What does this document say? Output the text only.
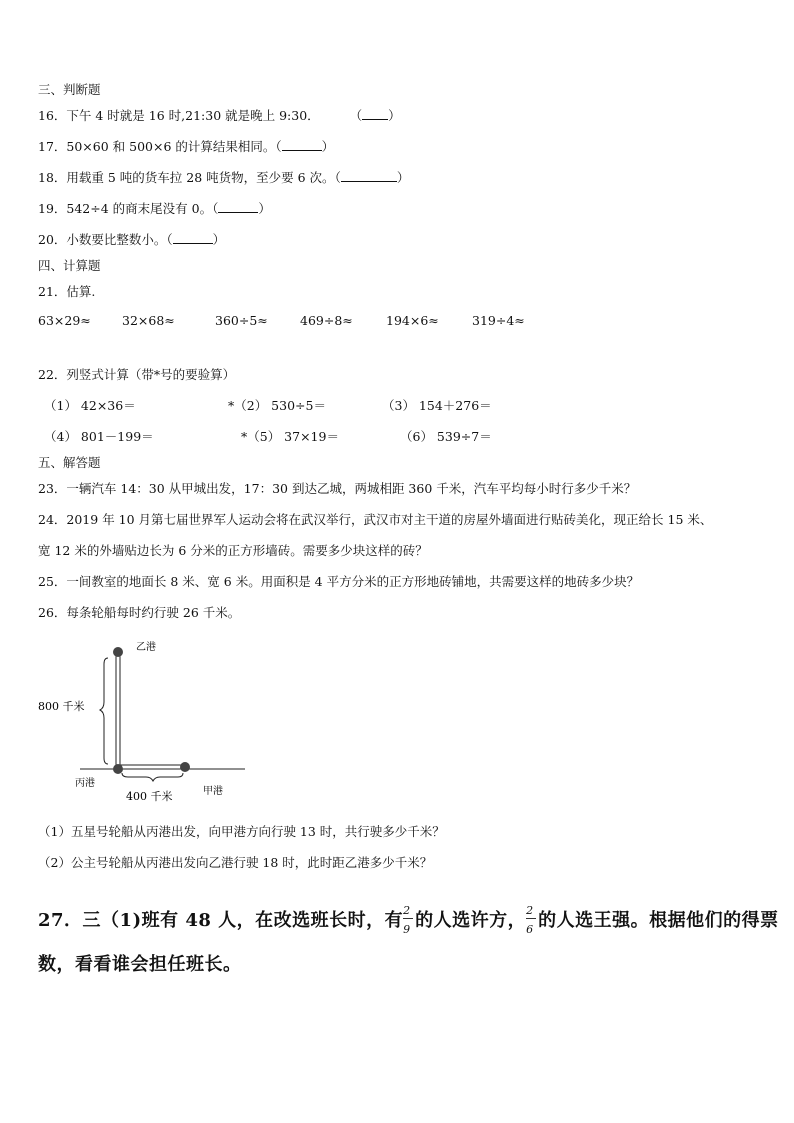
三、判断题
16．下午 4 时就是 16 时,21:30 就是晚上 9:30． （ ）
17．50×60 和 500×6 的计算结果相同。（	）
18．用载重 5 吨的货车拉 28 吨货物，至少要 6 次。（	）
19．542÷4 的商末尾没有 0。（	）
20．小数要比整数小。（	）
四、计算题
21．估算.
63×29≈ 32×68≈	360÷5≈	469÷8≈	194×6≈	319÷4≈
22．列竖式计算（带*号的要验算）
（1） 42×36＝	*（2） 530÷5＝	（3） 154＋276＝
（4） 801－199＝	*（5） 37×19＝	（6） 539÷7＝
五、解答题
23．一辆汽车 14：30 从甲城出发，17：30 到达乙城，两城相距 360 千米，汽车平均每小时行多少千米？
24．2019 年 10 月第七届世界军人运动会将在武汉举行，武汉市对主干道的房屋外墙面进行贴砖美化，现正给长 15 米、
宽 12 米的外墙贴边长为 6 分米的正方形墙砖。需要多少块这样的砖？
25．一间教室的地面长 8 米、宽 6 米。用面积是 4 平方分米的正方形地砖铺地，共需要这样的地砖多少块？
26．每条轮船每时约行驶 26 千米。
乙港
丙港
甲港
800 千米
400 千米
（1）五星号轮船从丙港出发，向甲港方向行驶 13 时，共行驶多少千米？
（2）公主号轮船从丙港出发向乙港行驶 18 时，此时距乙港多少千米？
27．三（1)班有 48 人，在改选班长时，有
$\frac{2}{9}$
的人选许方，
$\frac{2}{6}$
的人选王强。根据他们的得票
数，看看谁会担任班长。
